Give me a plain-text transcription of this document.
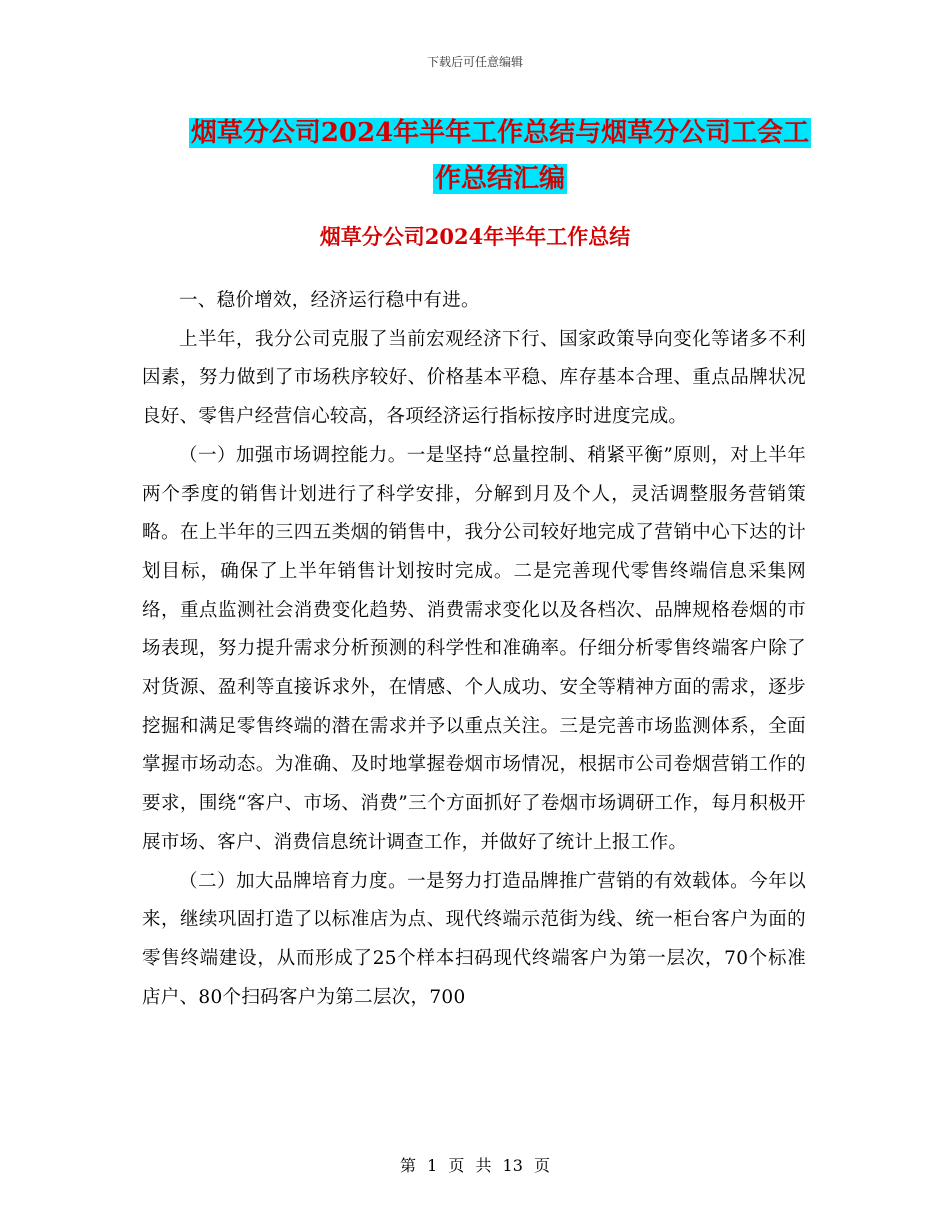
下载后可任意编辑
烟草分公司2024年半年工作总结与烟草分公司工会工
作总结汇编
烟草分公司2024年半年工作总结

一、稳价增效，经济运行稳中有进。

上半年，我分公司克服了当前宏观经济下行、国家政策导向变化等诸多不利因素，努力做到了市场秩序较好、价格基本平稳、库存基本合理、重点品牌状况良好、零售户经营信心较高，各项经济运行指标按序时进度完成。

（一）加强市场调控能力。一是坚持“总量控制、稍紧平衡”原则，对上半年两个季度的销售计划进行了科学安排，分解到月及个人，灵活调整服务营销策略。在上半年的三四五类烟的销售中，我分公司较好地完成了营销中心下达的计划目标，确保了上半年销售计划按时完成。二是完善现代零售终端信息采集网络，重点监测社会消费变化趋势、消费需求变化以及各档次、品牌规格卷烟的市场表现，努力提升需求分析预测的科学性和准确率。仔细分析零售终端客户除了对货源、盈利等直接诉求外，在情感、个人成功、安全等精神方面的需求，逐步挖掘和满足零售终端的潜在需求并予以重点关注。三是完善市场监测体系，全面掌握市场动态。为准确、及时地掌握卷烟市场情况，根据市公司卷烟营销工作的要求，围绕“客户、市场、消费”三个方面抓好了卷烟市场调研工作，每月积极开展市场、客户、消费信息统计调查工作，并做好了统计上报工作。

（二）加大品牌培育力度。一是努力打造品牌推广营销的有效载体。今年以来，继续巩固打造了以标准店为点、现代终端示范街为线、统一柜台客户为面的零售终端建设，从而形成了25个样本扫码现代终端客户为第一层次，70个标准店户、80个扫码客户为第二层次，700

第 1 页 共 13 页
